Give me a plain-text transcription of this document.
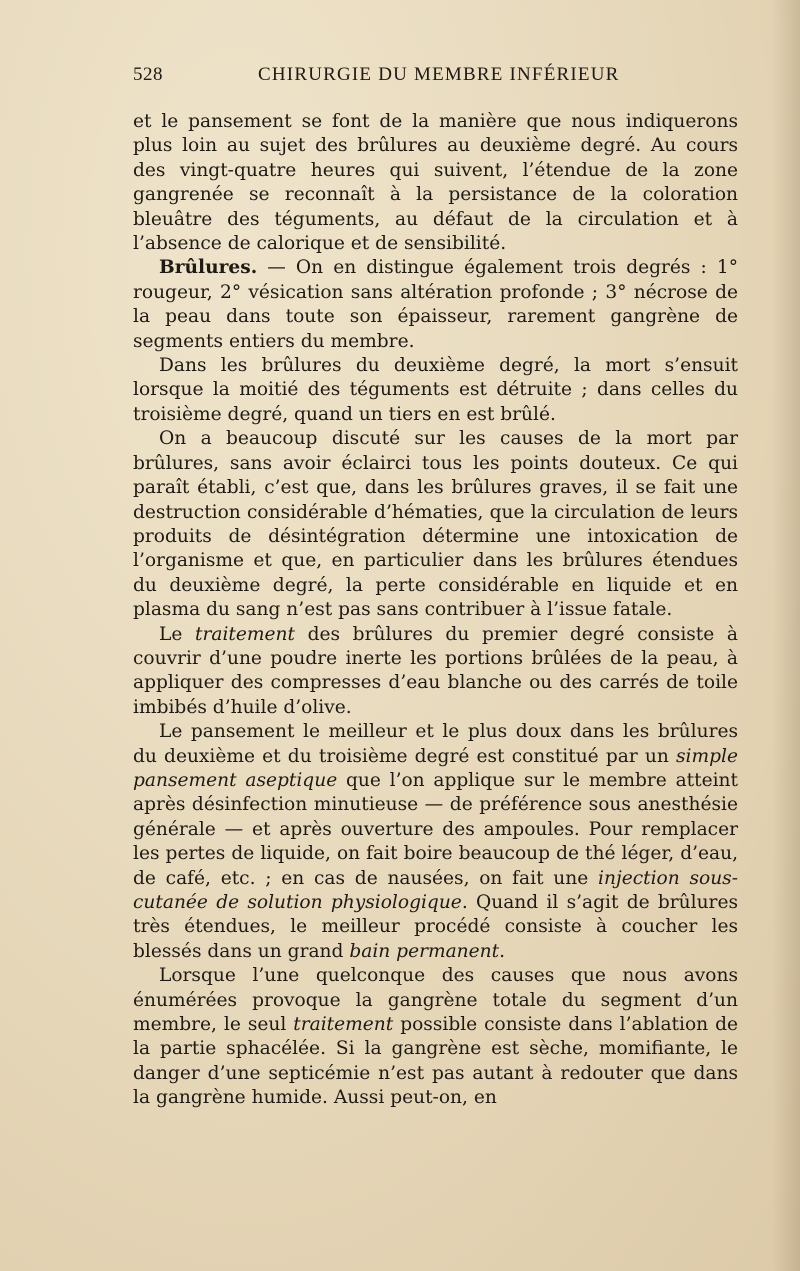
528	CHIRURGIE DU MEMBRE INFÉRIEUR

et le pansement se font de la manière que nous indiquerons plus loin au sujet des brûlures au deuxième degré. Au cours des vingt-quatre heures qui suivent, l’étendue de la zone gangrenée se reconnaît à la persistance de la coloration bleuâtre des téguments, au défaut de la circulation et à l’absence de calorique et de sensibilité.

Brûlures. — On en distingue également trois degrés : 1° rougeur, 2° vésication sans altération profonde ; 3° nécrose de la peau dans toute son épaisseur, rarement gangrène de segments entiers du membre.

Dans les brûlures du deuxième degré, la mort s’ensuit lorsque la moitié des téguments est détruite ; dans celles du troisième degré, quand un tiers en est brûlé.

On a beaucoup discuté sur les causes de la mort par brûlures, sans avoir éclairci tous les points douteux. Ce qui paraît établi, c’est que, dans les brûlures graves, il se fait une destruction considérable d’hématies, que la circulation de leurs produits de désintégration détermine une intoxication de l’organisme et que, en particulier dans les brûlures étendues du deuxième degré, la perte considérable en liquide et en plasma du sang n’est pas sans contribuer à l’issue fatale.

Le traitement des brûlures du premier degré consiste à couvrir d’une poudre inerte les portions brûlées de la peau, à appliquer des compresses d’eau blanche ou des carrés de toile imbibés d’huile d’olive.

Le pansement le meilleur et le plus doux dans les brûlures du deuxième et du troisième degré est constitué par un simple pansement aseptique que l’on applique sur le membre atteint après désinfection minutieuse — de préférence sous anesthésie générale — et après ouverture des ampoules. Pour remplacer les pertes de liquide, on fait boire beaucoup de thé léger, d’eau, de café, etc. ; en cas de nausées, on fait une injection sous-cutanée de solution physiologique. Quand il s’agit de brûlures très étendues, le meilleur procédé consiste à coucher les blessés dans un grand bain permanent.

Lorsque l’une quelconque des causes que nous avons énumérées provoque la gangrène totale du segment d’un membre, le seul traitement possible consiste dans l’ablation de la partie sphacélée. Si la gangrène est sèche, momifiante, le danger d’une septicémie n’est pas autant à redouter que dans la gangrène humide. Aussi peut-on, en
